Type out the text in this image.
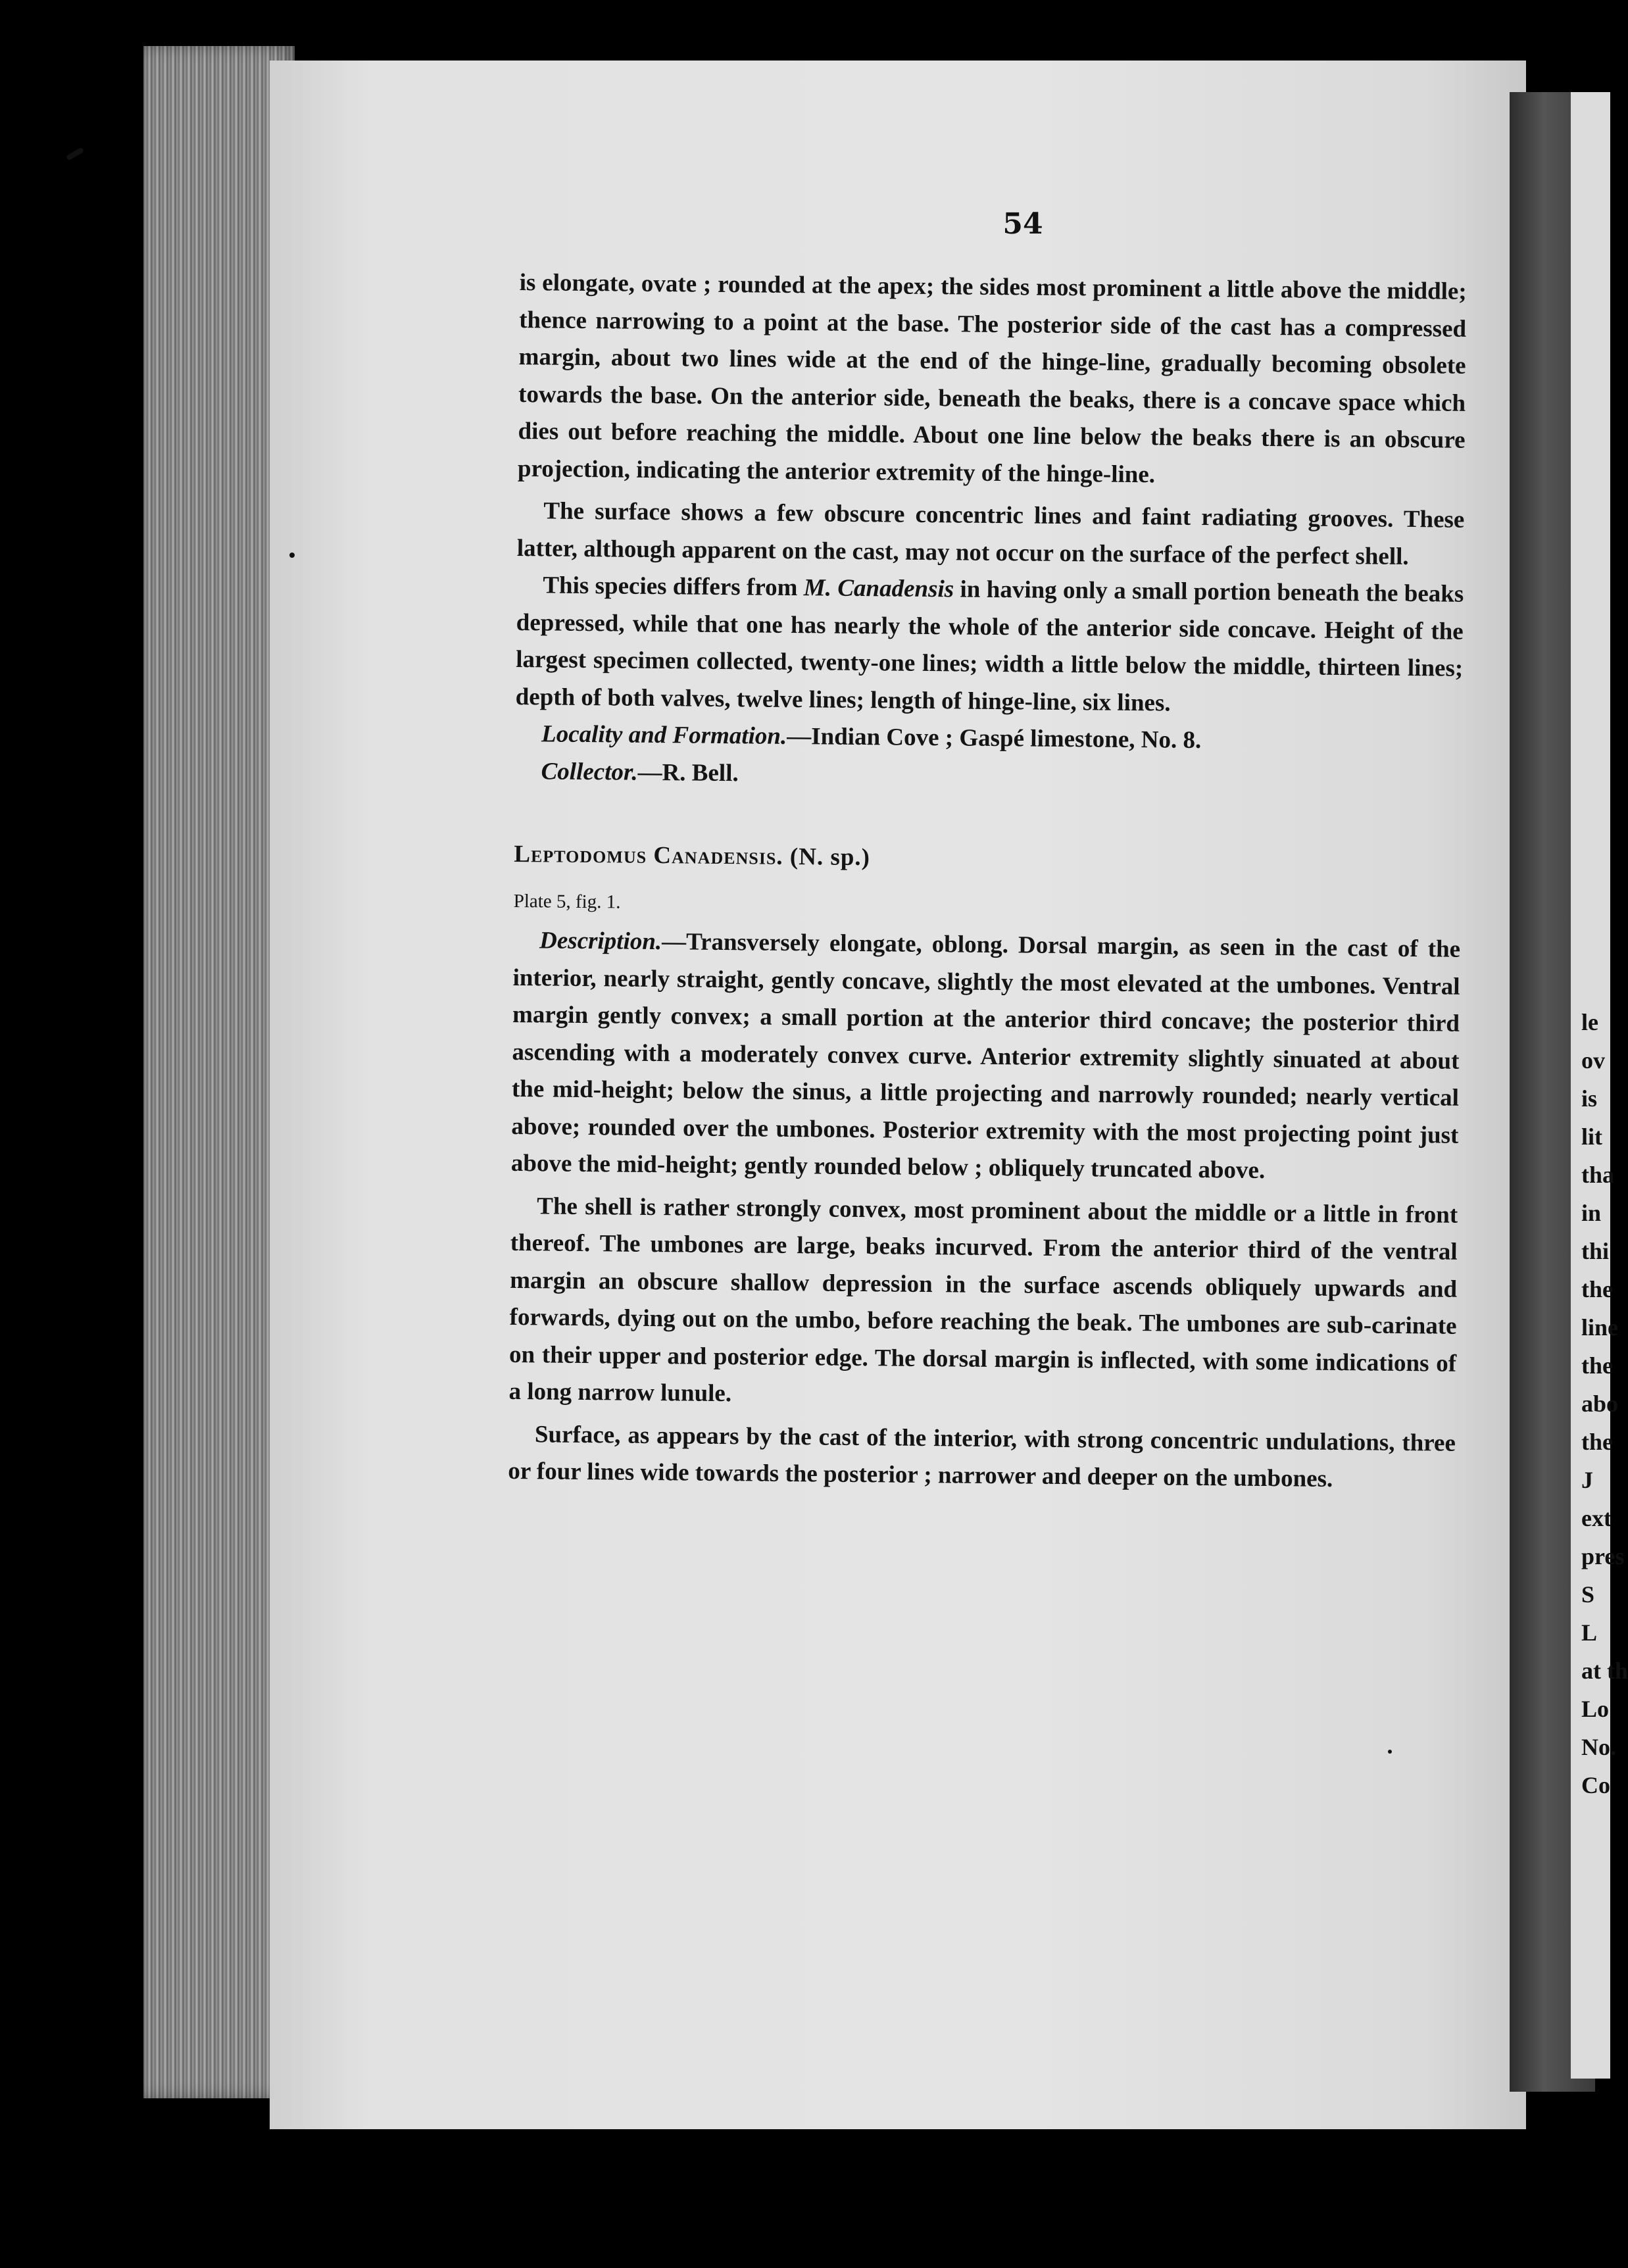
le
ov
is
lit
tha
in
thi
the
line
the
abo
the
J
ext
pres
S
L
at th
Lo
No.
Co
54

is elongate, ovate ; rounded at the apex; the sides most prominent a little above the middle; thence narrowing to a point at the base. The posterior side of the cast has a compressed margin, about two lines wide at the end of the hinge-line, gradually becoming obsolete towards the base. On the anterior side, beneath the beaks, there is a concave space which dies out before reaching the middle. About one line below the beaks there is an obscure projection, indicating the anterior extremity of the hinge-line.

The surface shows a few obscure concentric lines and faint radiating grooves. These latter, although apparent on the cast, may not occur on the surface of the perfect shell.

This species differs from M. Canadensis in having only a small portion beneath the beaks depressed, while that one has nearly the whole of the anterior side concave. Height of the largest specimen collected, twenty-one lines; width a little below the middle, thirteen lines; depth of both valves, twelve lines; length of hinge-line, six lines.

Locality and Formation.—Indian Cove ; Gaspé limestone, No. 8.

Collector.—R. Bell.

Leptodomus Canadensis. (N. sp.)

Plate 5, fig. 1.

Description.—Transversely elongate, oblong. Dorsal margin, as seen in the cast of the interior, nearly straight, gently concave, slightly the most elevated at the umbones. Ventral margin gently convex; a small portion at the anterior third concave; the posterior third ascending with a moderately convex curve. Anterior extremity slightly sinuated at about the mid-height; below the sinus, a little projecting and narrowly rounded; nearly vertical above; rounded over the umbones. Posterior extremity with the most projecting point just above the mid-height; gently rounded below ; obliquely truncated above.

The shell is rather strongly convex, most prominent about the middle or a little in front thereof. The umbones are large, beaks incurved. From the anterior third of the ventral margin an obscure shallow depression in the surface ascends obliquely upwards and forwards, dying out on the umbo, before reaching the beak. The umbones are sub-carinate on their upper and posterior edge. The dorsal margin is inflected, with some indications of a long narrow lunule.

Surface, as appears by the cast of the interior, with strong concentric undulations, three or four lines wide towards the posterior ; narrower and deeper on the umbones.
